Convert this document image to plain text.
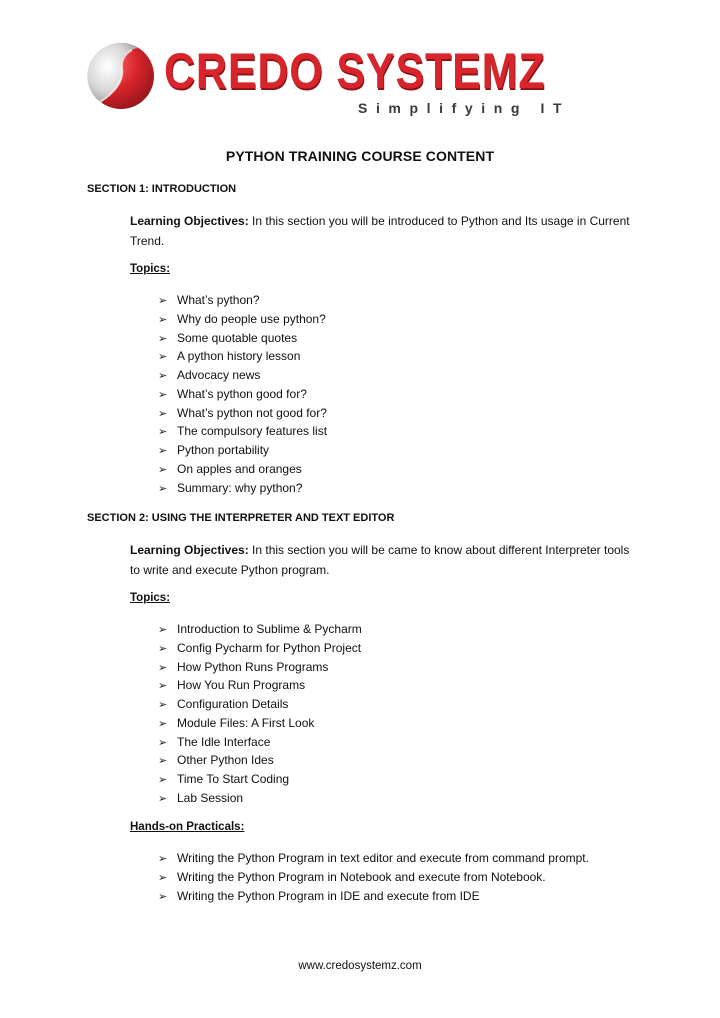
CREDO SYSTEMZ
Simplifying IT
PYTHON TRAINING COURSE CONTENT
SECTION 1: INTRODUCTION
Learning Objectives: In this section you will be introduced to Python and Its usage in Current Trend.
Topics:
➢ What’s python?
➢ Why do people use python?
➢ Some quotable quotes
➢ A python history lesson
➢ Advocacy news
➢ What’s python good for?
➢ What’s python not good for?
➢ The compulsory features list
➢ Python portability
➢ On apples and oranges
➢ Summary: why python?
SECTION 2: USING THE INTERPRETER AND TEXT EDITOR
Learning Objectives: In this section you will be came to know about different Interpreter tools to write and execute Python program.
Topics:
➢ Introduction to Sublime & Pycharm
➢ Config Pycharm for Python Project
➢ How Python Runs Programs
➢ How You Run Programs
➢ Configuration Details
➢ Module Files: A First Look
➢ The Idle Interface
➢ Other Python Ides
➢ Time To Start Coding
➢ Lab Session
Hands-on Practicals:
➢ Writing the Python Program in text editor and execute from command prompt.
➢ Writing the Python Program in Notebook and execute from Notebook.
➢ Writing the Python Program in IDE and execute from IDE
www.credosystemz.com
